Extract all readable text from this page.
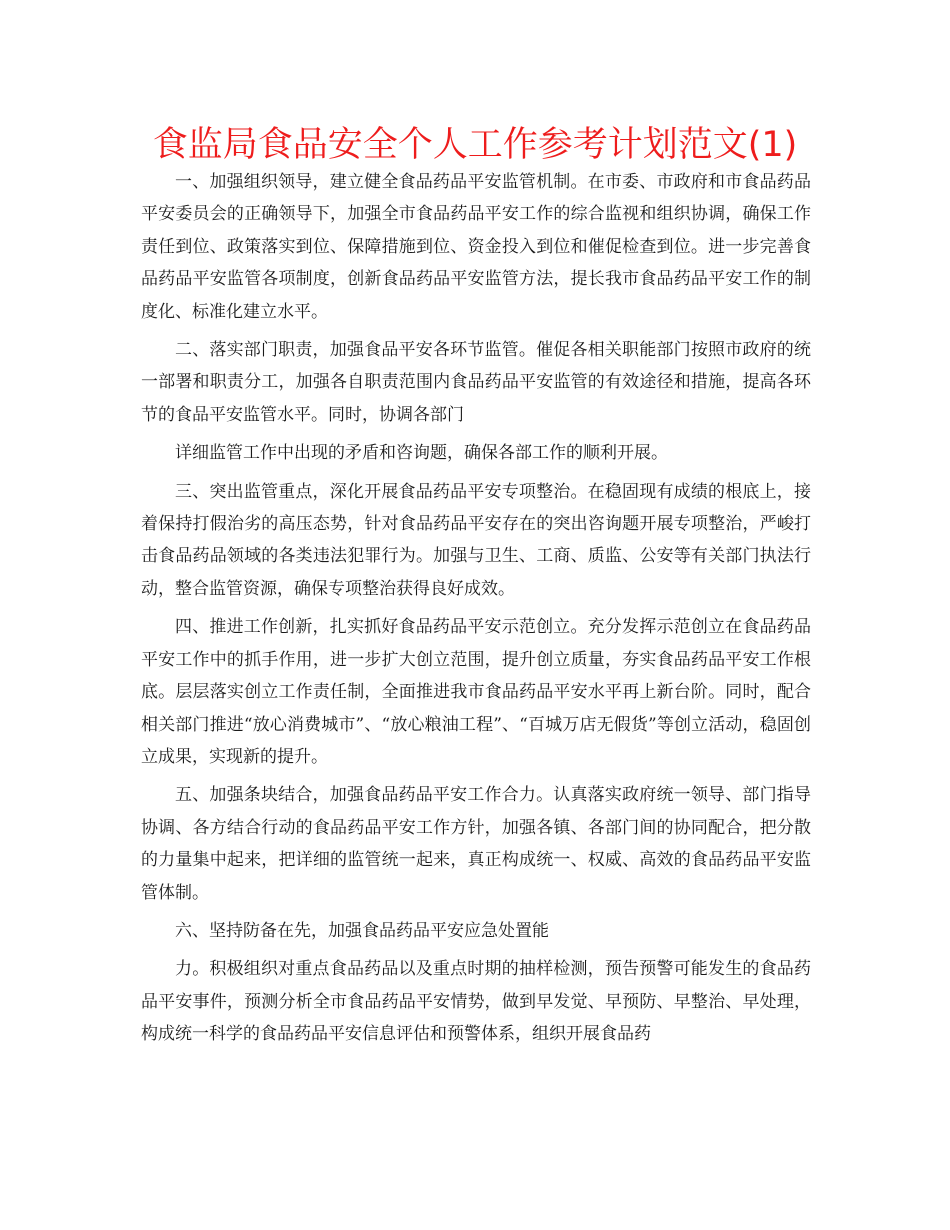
食监局食品安全个人工作参考计划范文(1)

一、加强组织领导，建立健全食品药品平安监管机制。在市委、市政府和市食品药品平安委员会的正确领导下，加强全市食品药品平安工作的综合监视和组织协调，确保工作责任到位、政策落实到位、保障措施到位、资金投入到位和催促检查到位。进一步完善食品药品平安监管各项制度，创新食品药品平安监管方法，提长我市食品药品平安工作的制度化、标准化建立水平。

二、落实部门职责，加强食品平安各环节监管。催促各相关职能部门按照市政府的统一部署和职责分工，加强各自职责范围内食品药品平安监管的有效途径和措施，提高各环节的食品平安监管水平。同时，协调各部门

详细监管工作中出现的矛盾和咨询题，确保各部工作的顺利开展。

三、突出监管重点，深化开展食品药品平安专项整治。在稳固现有成绩的根底上，接着保持打假治劣的高压态势，针对食品药品平安存在的突出咨询题开展专项整治，严峻打击食品药品领域的各类违法犯罪行为。加强与卫生、工商、质监、公安等有关部门执法行动，整合监管资源，确保专项整治获得良好成效。

四、推进工作创新，扎实抓好食品药品平安示范创立。充分发挥示范创立在食品药品平安工作中的抓手作用，进一步扩大创立范围，提升创立质量，夯实食品药品平安工作根底。层层落实创立工作责任制，全面推进我市食品药品平安水平再上新台阶。同时，配合相关部门推进“放心消费城市”、“放心粮油工程”、“百城万店无假货”等创立活动，稳固创立成果，实现新的提升。

五、加强条块结合，加强食品药品平安工作合力。认真落实政府统一领导、部门指导协调、各方结合行动的食品药品平安工作方针，加强各镇、各部门间的协同配合，把分散的力量集中起来，把详细的监管统一起来，真正构成统一、权威、高效的食品药品平安监管体制。

六、坚持防备在先，加强食品药品平安应急处置能

力。积极组织对重点食品药品以及重点时期的抽样检测，预告预警可能发生的食品药品平安事件，预测分析全市食品药品平安情势，做到早发觉、早预防、早整治、早处理，构成统一科学的食品药品平安信息评估和预警体系，组织开展食品药
